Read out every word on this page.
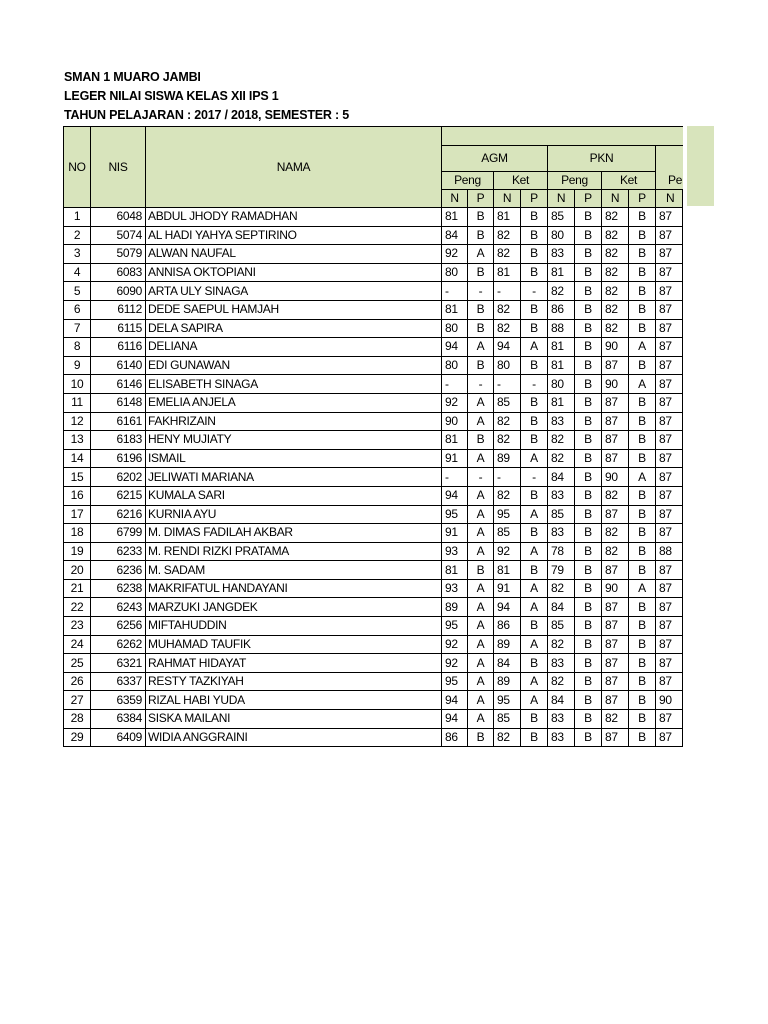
SMAN 1 MUARO JAMBI
LEGER NILAI SISWA KELAS XII IPS 1
TAHUN PELAJARAN : 2017 / 2018, SEMESTER : 5
NO	NIS	NAMA									
			AGM				PKN				
			Peng		Ket		Peng		Ket		Pe
			N	P	N	P	N	P	N	P	N
1	6048	ABDUL JHODY RAMADHAN	81	B	81	B	85	B	82	B	87
2	5074	AL HADI YAHYA SEPTIRINO	84	B	82	B	80	B	82	B	87
3	5079	ALWAN NAUFAL	92	A	82	B	83	B	82	B	87
4	6083	ANNISA OKTOPIANI	80	B	81	B	81	B	82	B	87
5	6090	ARTA ULY SINAGA	-	-	-	-	82	B	82	B	87
6	6112	DEDE SAEPUL HAMJAH	81	B	82	B	86	B	82	B	87
7	6115	DELA SAPIRA	80	B	82	B	88	B	82	B	87
8	6116	DELIANA	94	A	94	A	81	B	90	A	87
9	6140	EDI GUNAWAN	80	B	80	B	81	B	87	B	87
10	6146	ELISABETH SINAGA	-	-	-	-	80	B	90	A	87
11	6148	EMELIA ANJELA	92	A	85	B	81	B	87	B	87
12	6161	FAKHRIZAIN	90	A	82	B	83	B	87	B	87
13	6183	HENY MUJIATY	81	B	82	B	82	B	87	B	87
14	6196	ISMAIL	91	A	89	A	82	B	87	B	87
15	6202	JELIWATI MARIANA	-	-	-	-	84	B	90	A	87
16	6215	KUMALA SARI	94	A	82	B	83	B	82	B	87
17	6216	KURNIA AYU	95	A	95	A	85	B	87	B	87
18	6799	M. DIMAS FADILAH AKBAR	91	A	85	B	83	B	82	B	87
19	6233	M. RENDI RIZKI PRATAMA	93	A	92	A	78	B	82	B	88
20	6236	M. SADAM	81	B	81	B	79	B	87	B	87
21	6238	MAKRIFATUL HANDAYANI	93	A	91	A	82	B	90	A	87
22	6243	MARZUKI JANGDEK	89	A	94	A	84	B	87	B	87
23	6256	MIFTAHUDDIN	95	A	86	B	85	B	87	B	87
24	6262	MUHAMAD TAUFIK	92	A	89	A	82	B	87	B	87
25	6321	RAHMAT HIDAYAT	92	A	84	B	83	B	87	B	87
26	6337	RESTY TAZKIYAH	95	A	89	A	82	B	87	B	87
27	6359	RIZAL HABI YUDA	94	A	95	A	84	B	87	B	90
28	6384	SISKA MAILANI	94	A	85	B	83	B	82	B	87
29	6409	WIDIA ANGGRAINI	86	B	82	B	83	B	87	B	87
